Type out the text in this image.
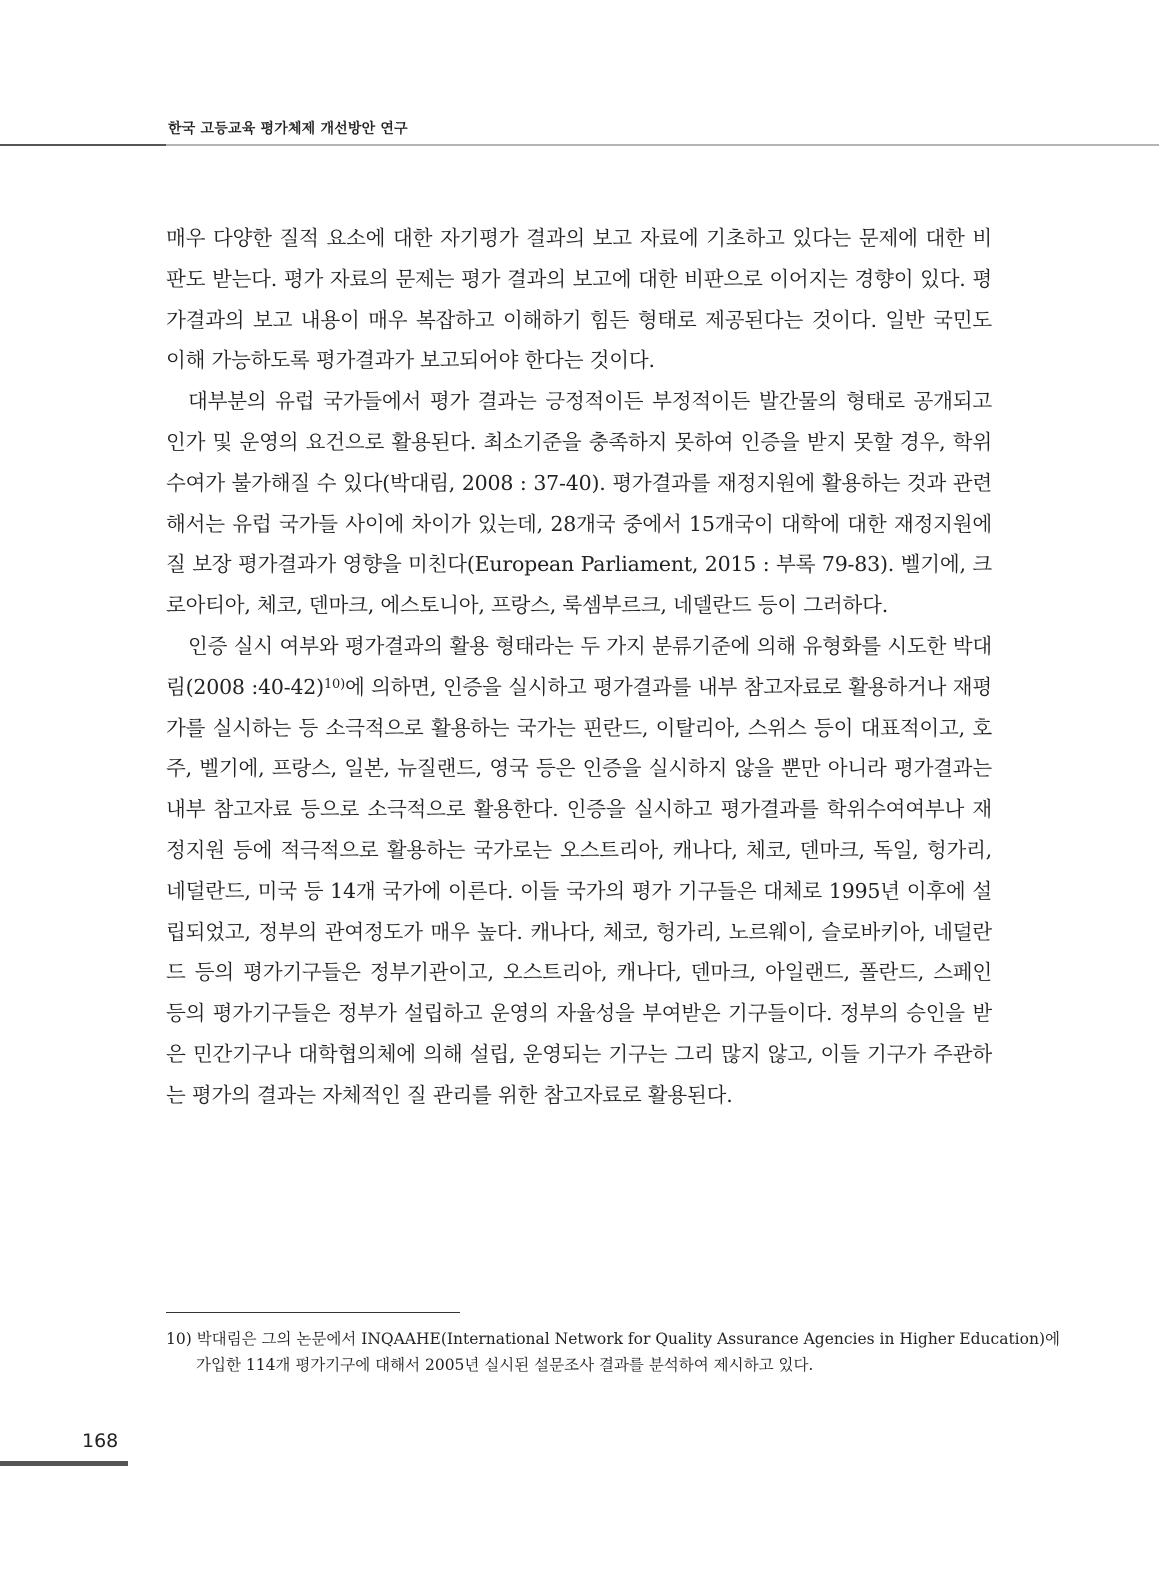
한국 고등교육 평가체제 개선방안 연구

매우 다양한 질적 요소에 대한 자기평가 결과의 보고 자료에 기초하고 있다는 문제에 대한 비판도 받는다. 평가 자료의 문제는 평가 결과의 보고에 대한 비판으로 이어지는 경향이 있다. 평가결과의 보고 내용이 매우 복잡하고 이해하기 힘든 형태로 제공된다는 것이다. 일반 국민도 이해 가능하도록 평가결과가 보고되어야 한다는 것이다.

대부분의 유럽 국가들에서 평가 결과는 긍정적이든 부정적이든 발간물의 형태로 공개되고 인가 및 운영의 요건으로 활용된다. 최소기준을 충족하지 못하여 인증을 받지 못할 경우, 학위수여가 불가해질 수 있다(박대림, 2008 : 37-40). 평가결과를 재정지원에 활용하는 것과 관련해서는 유럽 국가들 사이에 차이가 있는데, 28개국 중에서 15개국이 대학에 대한 재정지원에 질 보장 평가결과가 영향을 미친다(European Parliament, 2015 : 부록 79-83). 벨기에, 크로아티아, 체코, 덴마크, 에스토니아, 프랑스, 룩셈부르크, 네델란드 등이 그러하다.

인증 실시 여부와 평가결과의 활용 형태라는 두 가지 분류기준에 의해 유형화를 시도한 박대림(2008 :40-42)$^{10)}$에 의하면, 인증을 실시하고 평가결과를 내부 참고자료로 활용하거나 재평가를 실시하는 등 소극적으로 활용하는 국가는 핀란드, 이탈리아, 스위스 등이 대표적이고, 호주, 벨기에, 프랑스, 일본, 뉴질랜드, 영국 등은 인증을 실시하지 않을 뿐만 아니라 평가결과는 내부 참고자료 등으로 소극적으로 활용한다. 인증을 실시하고 평가결과를 학위수여여부나 재정지원 등에 적극적으로 활용하는 국가로는 오스트리아, 캐나다, 체코, 덴마크, 독일, 헝가리, 네덜란드, 미국 등 14개 국가에 이른다. 이들 국가의 평가 기구들은 대체로 1995년 이후에 설립되었고, 정부의 관여정도가 매우 높다. 캐나다, 체코, 헝가리, 노르웨이, 슬로바키아, 네덜란드 등의 평가기구들은 정부기관이고, 오스트리아, 캐나다, 덴마크, 아일랜드, 폴란드, 스페인 등의 평가기구들은 정부가 설립하고 운영의 자율성을 부여받은 기구들이다. 정부의 승인을 받은 민간기구나 대학협의체에 의해 설립, 운영되는 기구는 그리 많지 않고, 이들 기구가 주관하는 평가의 결과는 자체적인 질 관리를 위한 참고자료로 활용된다.

10) 박대림은 그의 논문에서 INQAAHE(International Network for Quality Assurance Agencies in Higher Education)에
가입한 114개 평가기구에 대해서 2005년 실시된 설문조사 결과를 분석하여 제시하고 있다.
168
